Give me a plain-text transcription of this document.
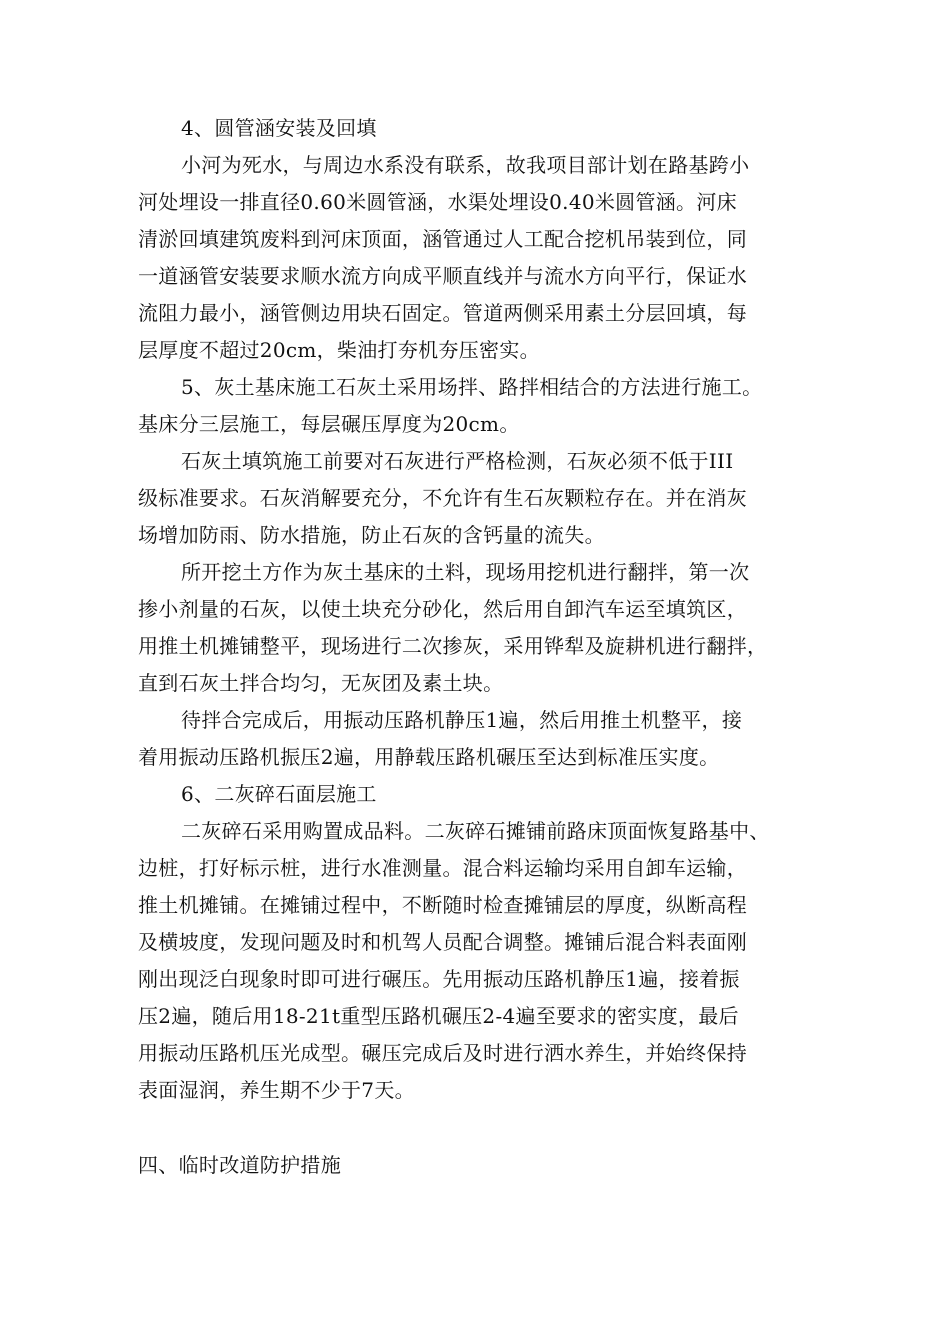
4、圆管涵安装及回填
小河为死水，与周边水系没有联系，故我项目部计划在路基跨小
河处埋设一排直径0.60米圆管涵，水渠处埋设0.40米圆管涵。河床
清淤回填建筑废料到河床顶面，涵管通过人工配合挖机吊装到位，同
一道涵管安装要求顺水流方向成平顺直线并与流水方向平行，保证水
流阻力最小，涵管侧边用块石固定。管道两侧采用素土分层回填，每
层厚度不超过20cm，柴油打夯机夯压密实。
5、灰土基床施工石灰土采用场拌、路拌相结合的方法进行施工。
基床分三层施工，每层碾压厚度为20cm。
石灰土填筑施工前要对石灰进行严格检测，石灰必须不低于III
级标准要求。石灰消解要充分，不允许有生石灰颗粒存在。并在消灰
场增加防雨、防水措施，防止石灰的含钙量的流失。
所开挖土方作为灰土基床的土料，现场用挖机进行翻拌，第一次
掺小剂量的石灰，以使土块充分砂化，然后用自卸汽车运至填筑区，
用推土机摊铺整平，现场进行二次掺灰，采用铧犁及旋耕机进行翻拌，
直到石灰土拌合均匀，无灰团及素土块。
待拌合完成后，用振动压路机静压1遍，然后用推土机整平，接
着用振动压路机振压2遍，用静载压路机碾压至达到标准压实度。
6、二灰碎石面层施工
二灰碎石采用购置成品料。二灰碎石摊铺前路床顶面恢复路基中、
边桩，打好标示桩，进行水准测量。混合料运输均采用自卸车运输，
推土机摊铺。在摊铺过程中，不断随时检查摊铺层的厚度，纵断高程
及横坡度，发现问题及时和机驾人员配合调整。摊铺后混合料表面刚
刚出现泛白现象时即可进行碾压。先用振动压路机静压1遍，接着振
压2遍，随后用18-21t重型压路机碾压2-4遍至要求的密实度，最后
用振动压路机压光成型。碾压完成后及时进行洒水养生，并始终保持
表面湿润，养生期不少于7天。
四、临时改道防护措施
